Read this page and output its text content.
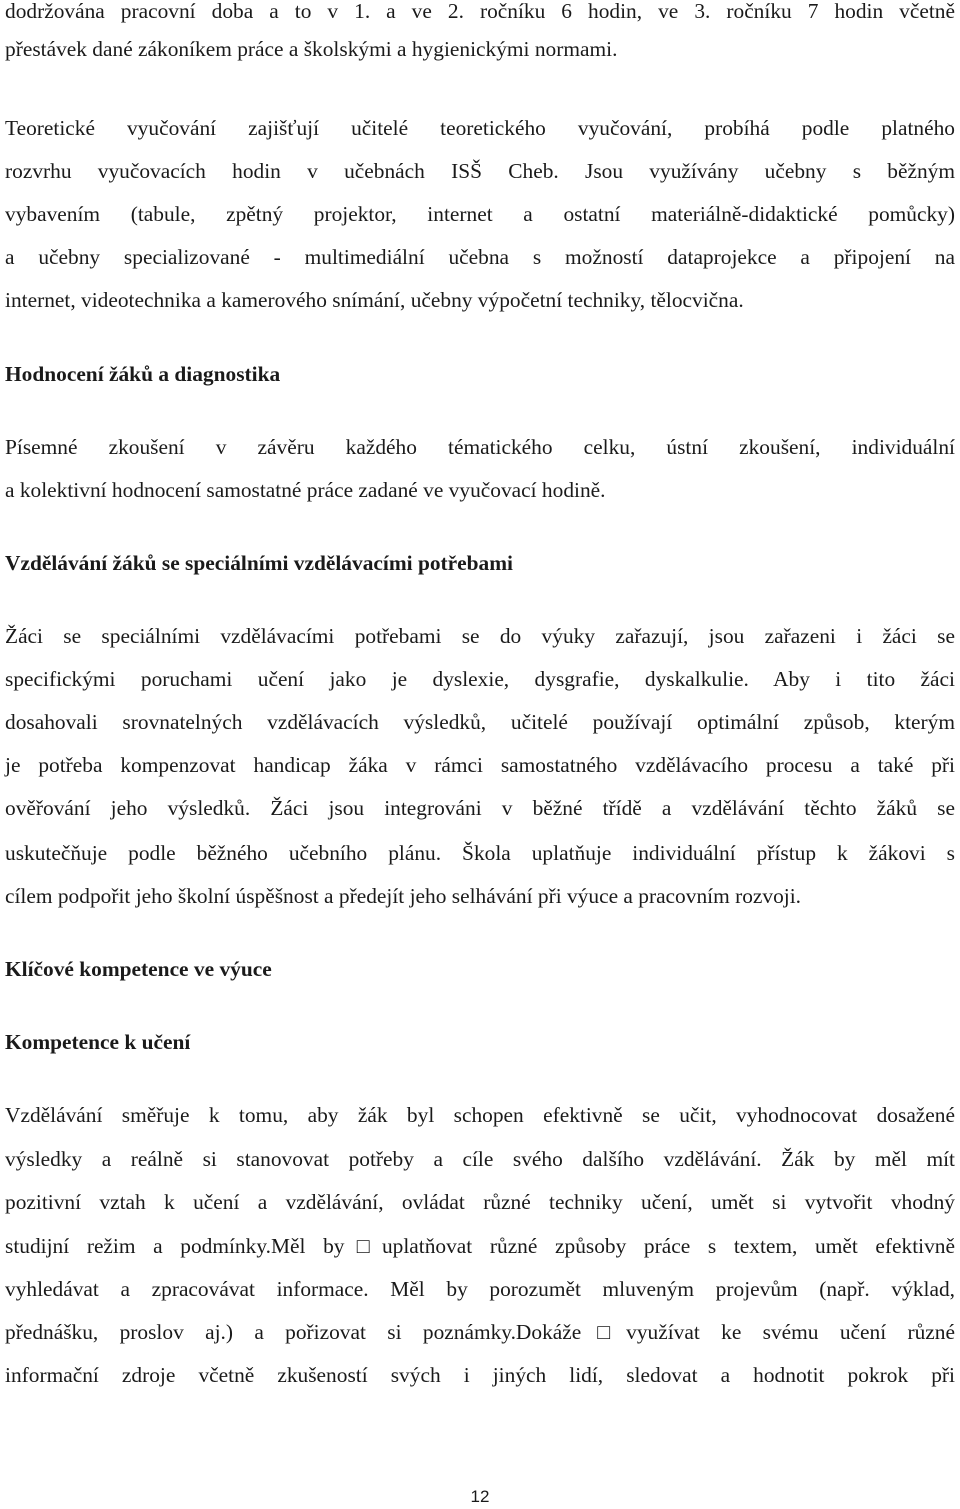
dodržována pracovní doba a to v 1. a ve 2. ročníku 6 hodin, ve 3. ročníku 7 hodin včetně
přestávek dané zákoníkem práce a školskými a hygienickými normami.
Teoretické vyučování zajišťují učitelé teoretického vyučování, probíhá podle platného
rozvrhu vyučovacích hodin v učebnách ISŠ Cheb. Jsou využívány učebny s běžným
vybavením (tabule, zpětný projektor, internet a ostatní materiálně-didaktické pomůcky)
a učebny specializované - multimediální učebna s možností dataprojekce a připojení na
internet, videotechnika a kamerového snímání, učebny výpočetní techniky, tělocvična.
Hodnocení žáků a diagnostika
Písemné zkoušení v závěru každého tématického celku, ústní zkoušení, individuální
a kolektivní hodnocení samostatné práce zadané ve vyučovací hodině.
Vzdělávání žáků se speciálními vzdělávacími potřebami
Žáci se speciálními vzdělávacími potřebami se do výuky zařazují, jsou zařazeni i žáci se
specifickými poruchami učení jako je dyslexie, dysgrafie, dyskalkulie. Aby i tito žáci
dosahovali srovnatelných vzdělávacích výsledků, učitelé používají optimální způsob, kterým
je potřeba kompenzovat handicap žáka v rámci samostatného vzdělávacího procesu a také při
ověřování jeho výsledků. Žáci jsou integrováni v běžné třídě a vzdělávání těchto žáků se
uskutečňuje podle běžného učebního plánu. Škola uplatňuje individuální přístup k žákovi s
cílem podpořit jeho školní úspěšnost a předejít jeho selhávání při výuce a pracovním rozvoji.
Klíčové kompetence ve výuce
Kompetence k učení
Vzdělávání směřuje k tomu, aby žák byl schopen efektivně se učit, vyhodnocovat dosažené
výsledky a reálně si stanovovat potřeby a cíle svého dalšího vzdělávání. Žák by měl mít
pozitivní vztah k učení a vzdělávání, ovládat různé techniky učení, umět si vytvořit vhodný
studijní režim a podmínky.Měl by□uplatňovat různé způsoby práce s textem, umět efektivně
vyhledávat a zpracovávat informace. Měl by porozumět mluveným projevům (např. výklad,
přednášku, proslov aj.) a pořizovat si poznámky.Dokáže□využívat ke svému učení různé
informační zdroje včetně zkušeností svých i jiných lidí, sledovat a hodnotit pokrok při
12
